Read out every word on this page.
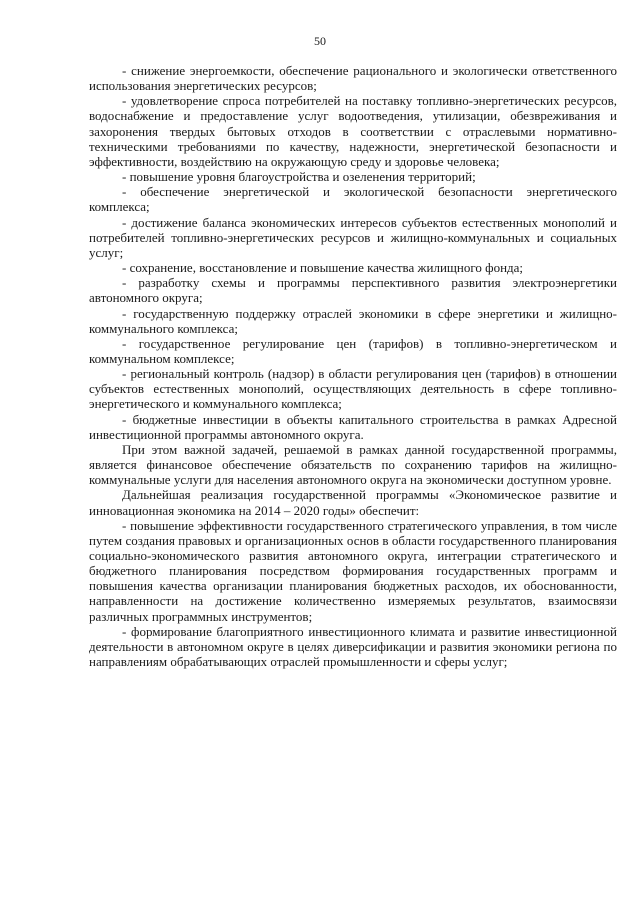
50

- снижение энергоемкости, обеспечение рационального и экологически ответственного использования энергетических ресурсов;

- удовлетворение спроса потребителей на поставку топливно-энергетических ресурсов, водоснабжение и предоставление услуг водоотведения, утилизации, обезвреживания и захоронения твердых бытовых отходов в соответствии с отраслевыми нормативно-техническими требованиями по качеству, надежности, энергетической безопасности и эффективности, воздействию на окружающую среду и здоровье человека;

- повышение уровня благоустройства и озеленения территорий;

- обеспечение энергетической и экологической безопасности энергетического комплекса;

- достижение баланса экономических интересов субъектов естественных монополий и потребителей топливно-энергетических ресурсов и жилищно-коммунальных и социальных услуг;

- сохранение, восстановление и повышение качества жилищного фонда;

- разработку схемы и программы перспективного развития электроэнергетики автономного округа;

- государственную поддержку отраслей экономики в сфере энергетики и жилищно-коммунального комплекса;

- государственное регулирование цен (тарифов) в топливно-энергетическом и коммунальном комплексе;

- региональный контроль (надзор) в области регулирования цен (тарифов) в отношении субъектов естественных монополий, осуществляющих деятельность в сфере топливно-энергетического и коммунального комплекса;

- бюджетные инвестиции в объекты капитального строительства в рамках Адресной инвестиционной программы автономного округа.

При этом важной задачей, решаемой в рамках данной государственной программы, является финансовое обеспечение обязательств по сохранению тарифов на жилищно-коммунальные услуги для населения автономного округа на экономически доступном уровне.

Дальнейшая реализация государственной программы «Экономическое развитие и инновационная экономика на 2014 – 2020 годы» обеспечит:

- повышение эффективности государственного стратегического управления, в том числе путем создания правовых и организационных основ в области государственного планирования социально-экономического развития автономного округа, интеграции стратегического и бюджетного планирования посредством формирования государственных программ и повышения качества организации планирования бюджетных расходов, их обоснованности, направленности на достижение количественно измеряемых результатов, взаимосвязи различных программных инструментов;

- формирование благоприятного инвестиционного климата и развитие инвестиционной деятельности в автономном округе в целях диверсификации и развития экономики региона по направлениям обрабатывающих отраслей промышленности и сферы услуг;
